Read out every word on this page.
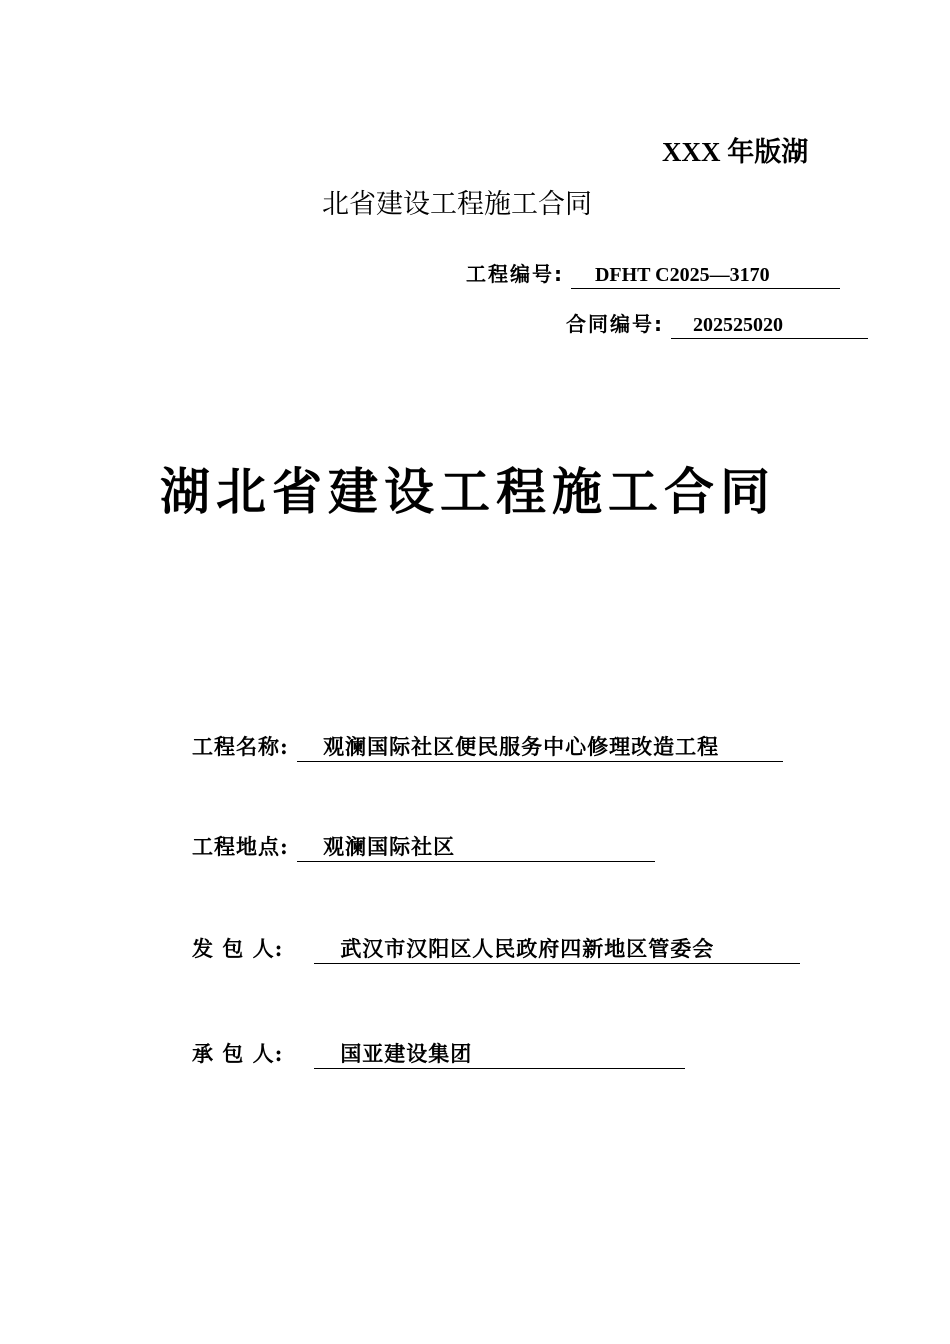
XXX 年版湖
北省建设工程施工合同
工程编号: DFHT C2025—3170
合同编号: 202525020
湖北省建设工程施工合同
工程名称: 观澜国际社区便民服务中心修理改造工程
工程地点: 观澜国际社区
发 包 人:	武汉市汉阳区人民政府四新地区管委会
承 包 人:	国亚建设集团
